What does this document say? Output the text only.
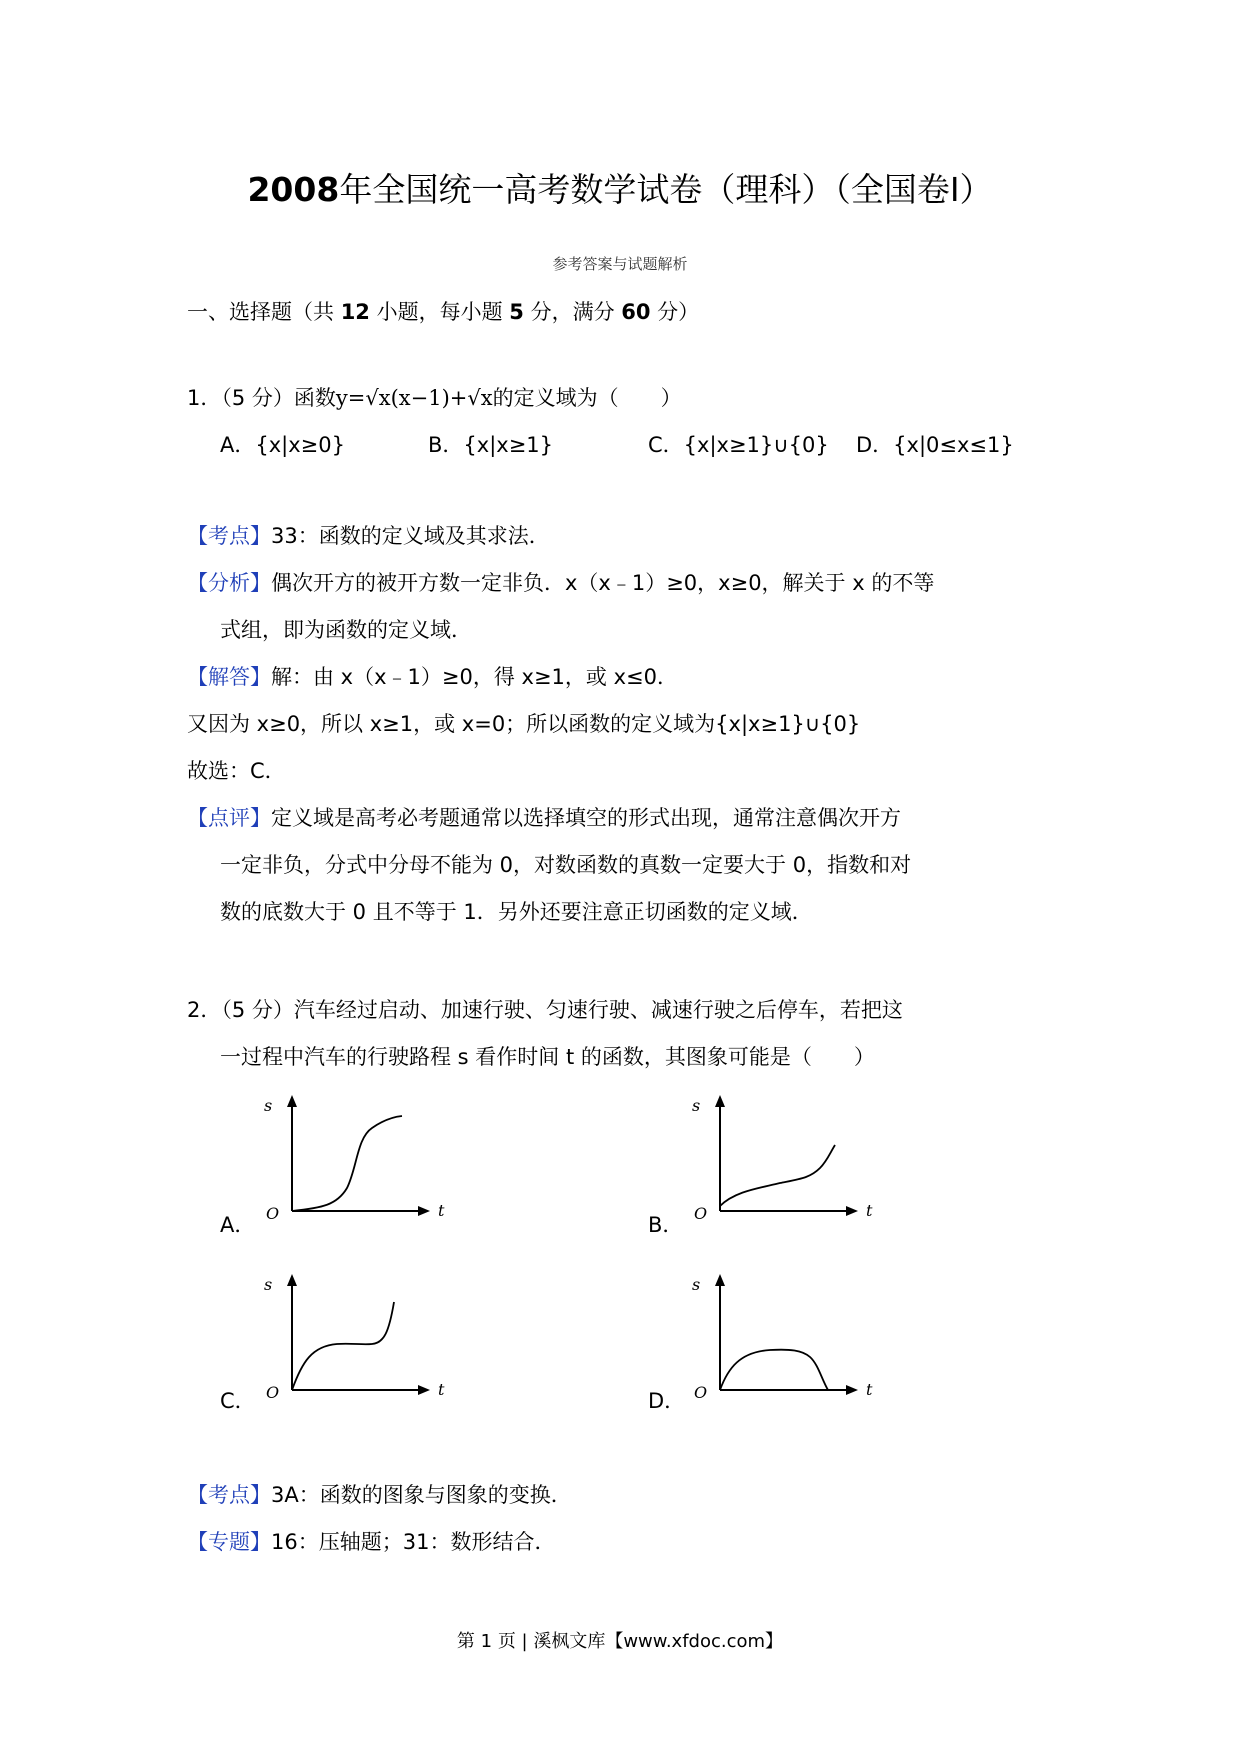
2008年全国统一高考数学试卷（理科）（全国卷Ⅰ）
参考答案与试题解析
一、选择题（共 12 小题，每小题 5 分，满分 60 分）
1．（5 分）函数y=√x(x−1)+√x的定义域为（　　）
A．{x|x≥0}	B．{x|x≥1}	C．{x|x≥1}∪{0} D．{x|0≤x≤1}
【考点】33：函数的定义域及其求法．
【分析】偶次开方的被开方数一定非负．x（x﹣1）≥0，x≥0，解关于 x 的不等
式组，即为函数的定义域．
【解答】解：由 x（x﹣1）≥0，得 x≥1，或 x≤0．
又因为 x≥0，所以 x≥1，或 x=0；所以函数的定义域为{x|x≥1}∪{0}
故选：C．
【点评】定义域是高考必考题通常以选择填空的形式出现，通常注意偶次开方
一定非负，分式中分母不能为 0，对数函数的真数一定要大于 0，指数和对
数的底数大于 0 且不等于 1．另外还要注意正切函数的定义域．
2．（5 分）汽车经过启动、加速行驶、匀速行驶、减速行驶之后停车，若把这
一过程中汽车的行驶路程 s 看作时间 t 的函数，其图象可能是（　　）
s
O	t
A．
s
O	t
B．
s
O	t
C．
s
O	t
D．
【考点】3A：函数的图象与图象的变换．
【专题】16：压轴题；31：数形结合．
第 1 页 | 溪枫文库【www.xfdoc.com】
